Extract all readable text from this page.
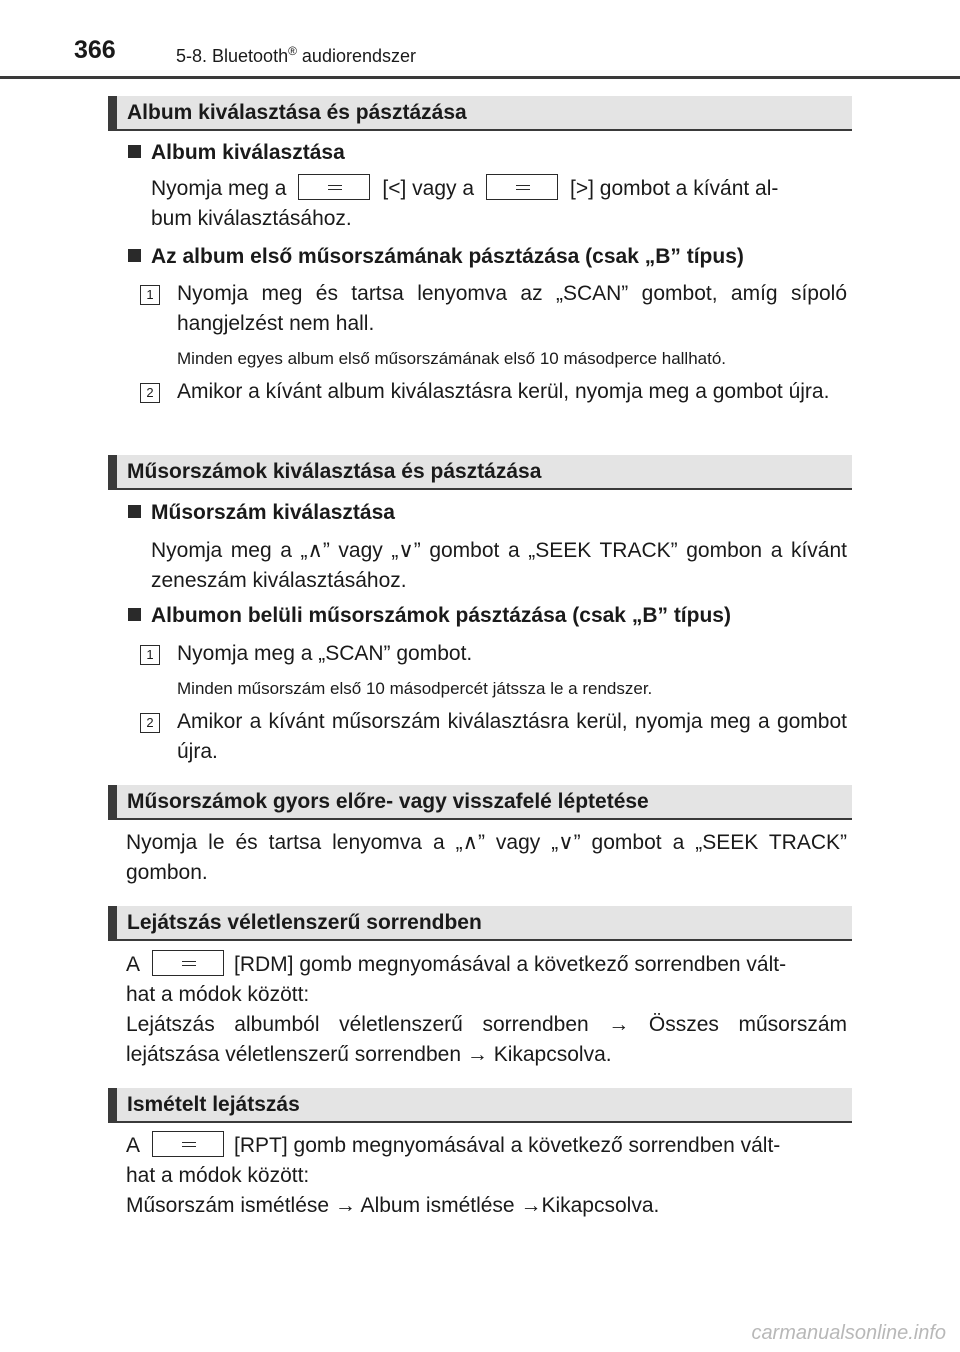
366	5-8. Bluetooth® audiorendszer
Album kiválasztása és pásztázása
Album kiválasztása
Nyomja meg a	[<] vagy a	[>] gombot a kívánt al-
bum kiválasztásához.
Az album első műsorszámának pásztázása (csak „B” típus)
1	Nyomja meg és tartsa lenyomva az „SCAN” gombot, amíg sípoló hangjelzést nem hall.
Minden egyes album első műsorszámának első 10 másodperce hallható.
2	Amikor a kívánt album kiválasztásra kerül, nyomja meg a gombot újra.
Műsorszámok kiválasztása és pásztázása
Műsorszám kiválasztása
Nyomja meg a „∧” vagy „∨” gombot a „SEEK TRACK” gombon a kívánt zeneszám kiválasztásához.
Albumon belüli műsorszámok pásztázása (csak „B” típus)
1	Nyomja meg a „SCAN” gombot.
Minden műsorszám első 10 másodpercét játssza le a rendszer.
2	Amikor a kívánt műsorszám kiválasztásra kerül, nyomja meg a gombot újra.
Műsorszámok gyors előre- vagy visszafelé léptetése
Nyomja le és tartsa lenyomva a „∧” vagy „∨” gombot a „SEEK TRACK” gombon.
Lejátszás véletlenszerű sorrendben
A	[RDM] gomb megnyomásával a következő sorrendben vált-
hat a módok között:
Lejátszás albumból véletlenszerű sorrendben → Összes műsorszám lejátszása véletlenszerű sorrendben → Kikapcsolva.
Ismételt lejátszás
A	[RPT] gomb megnyomásával a következő sorrendben vált-
hat a módok között:
Műsorszám ismétlése → Album ismétlése →Kikapcsolva.
carmanualsonline.info
